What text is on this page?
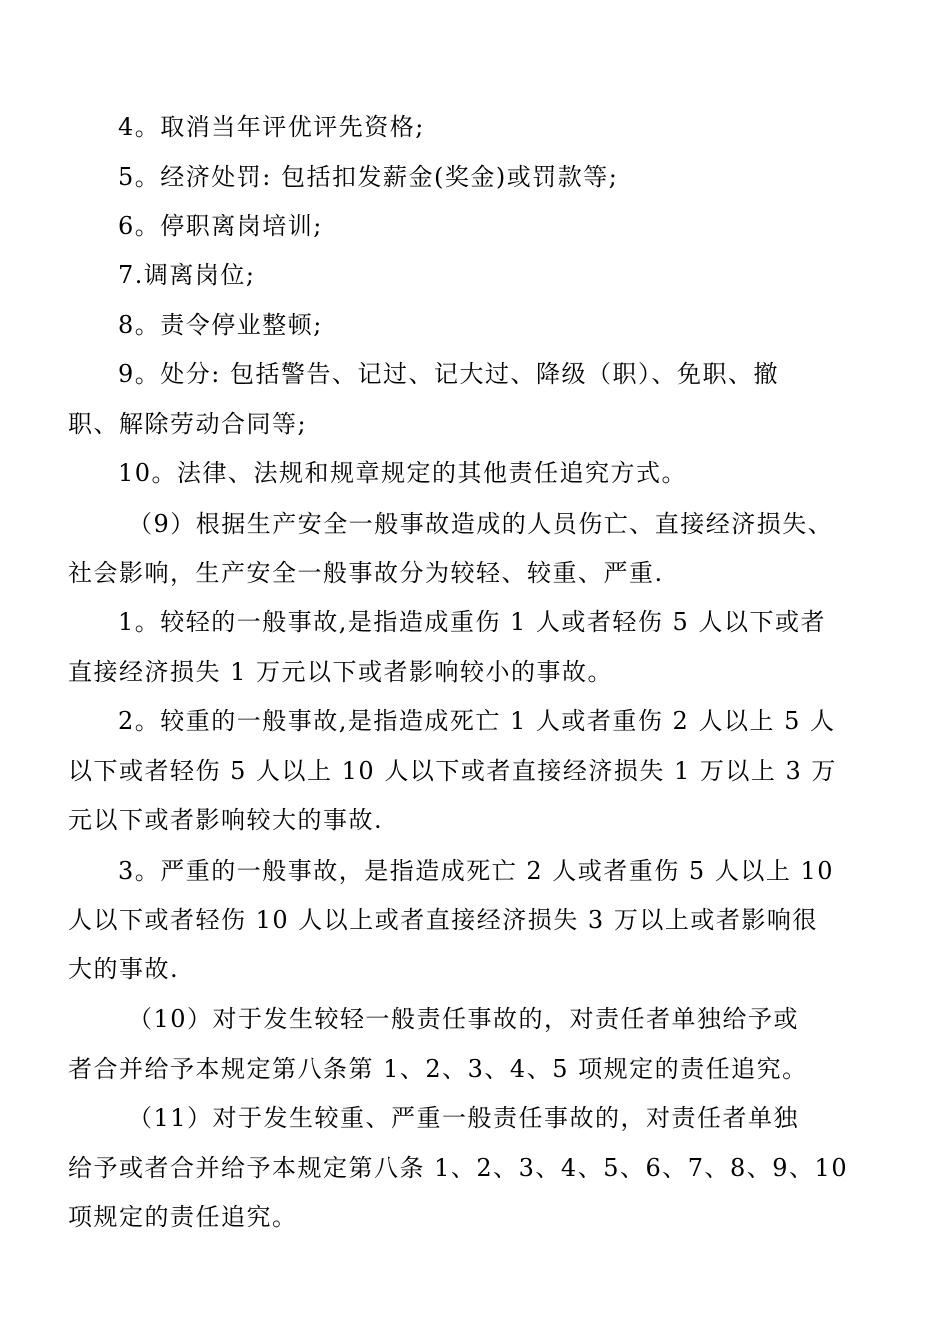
4。取消当年评优评先资格;

5。经济处罚: 包括扣发薪金(奖金)或罚款等;

6。停职离岗培训;

7.调离岗位;

8。责令停业整顿;

9。处分: 包括警告、记过、记大过、降级（职）、免职、撤

职、解除劳动合同等;

10。法律、法规和规章规定的其他责任追究方式。

（9）根据生产安全一般事故造成的人员伤亡、直接经济损失、

社会影响，生产安全一般事故分为较轻、较重、严重.

1。较轻的一般事故,是指造成重伤 1 人或者轻伤 5 人以下或者

直接经济损失 1 万元以下或者影响较小的事故。

2。较重的一般事故,是指造成死亡 1 人或者重伤 2 人以上 5 人

以下或者轻伤 5 人以上 10 人以下或者直接经济损失 1 万以上 3 万

元以下或者影响较大的事故.

3。严重的一般事故，是指造成死亡 2 人或者重伤 5 人以上 10

人以下或者轻伤 10 人以上或者直接经济损失 3 万以上或者影响很

大的事故.

（10）对于发生较轻一般责任事故的，对责任者单独给予或

者合并给予本规定第八条第 1、2、3、4、5 项规定的责任追究。

（11）对于发生较重、严重一般责任事故的，对责任者单独

给予或者合并给予本规定第八条 1、2、3、4、5、6、7、8、9、10

项规定的责任追究。
